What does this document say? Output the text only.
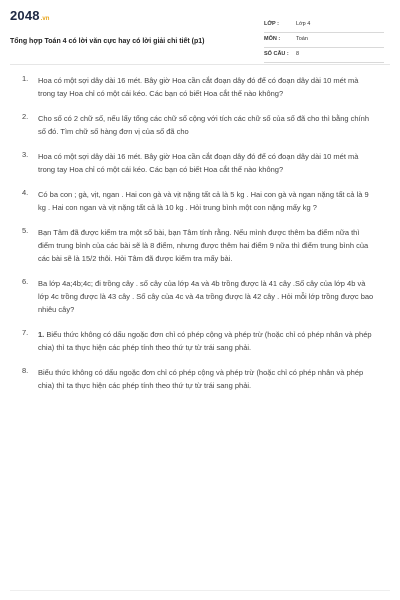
2048 .vn
Tổng hợp Toán 4 có lời văn cực hay có lời giải chi tiết (p1)
LỚP :	Lớp 4
MÔN :	Toán
SỐ CÂU : 8
1. Hoa có một sợi dây dài 16 mét. Bây giờ Hoa cần cắt đoạn dây đó để có đoạn dây dài 10 mét mà trong tay Hoa chỉ có một cái kéo. Các bạn có biết Hoa cắt thế nào không?
2. Cho số có 2 chữ số, nếu lấy tổng các chữ số cộng với tích các chữ số của số đã cho thì bằng chính số đó. Tìm chữ số hàng đơn vị của số đã cho
3. Hoa có một sợi dây dài 16 mét. Bây giờ Hoa cần cắt đoạn dây đó để có đoạn dây dài 10 mét mà trong tay Hoa chỉ có một cái kéo. Các bạn có biết Hoa cắt thế nào không?
4. Có ba con ; gà, vịt, ngan . Hai con gà và vịt nặng tất cả là 5 kg . Hai con gà và ngan nặng tất cả là 9 kg . Hai con ngan và vịt nặng tất cả là 10 kg . Hỏi trung bình một con nặng mấy kg ?
5. Bạn Tâm đã được kiểm tra một số bài, bạn Tâm tính rằng. Nếu mình được thêm ba điểm nữa thì điểm trung bình của các bài sẽ là 8 điểm, nhưng được thêm hai điểm 9 nữa thì điểm trung bình của các bài sẽ là 15/2 thôi. Hỏi Tâm đã được kiểm tra mấy bài.
6. Ba lớp 4a;4b;4c; đi trồng cây . số cây của lớp 4a và 4b trồng được là 41 cây .Số cây của lớp 4b và lớp 4c trồng được là 43 cây . Số cây của 4c và 4a trồng được là 42 cây . Hỏi mỗi lớp trồng được bao nhiêu cây?
7. 1. Biểu thức không có dấu ngoặc đơn chỉ có phép cộng và phép trừ (hoặc chỉ có phép nhân và phép chia) thì ta thực hiện các phép tính theo thứ tự từ trái sang phải.
8. Biểu thức không có dấu ngoặc đơn chỉ có phép cộng và phép trừ (hoặc chỉ có phép nhân và phép chia) thì ta thực hiện các phép tính theo thứ tự từ trái sang phải.
